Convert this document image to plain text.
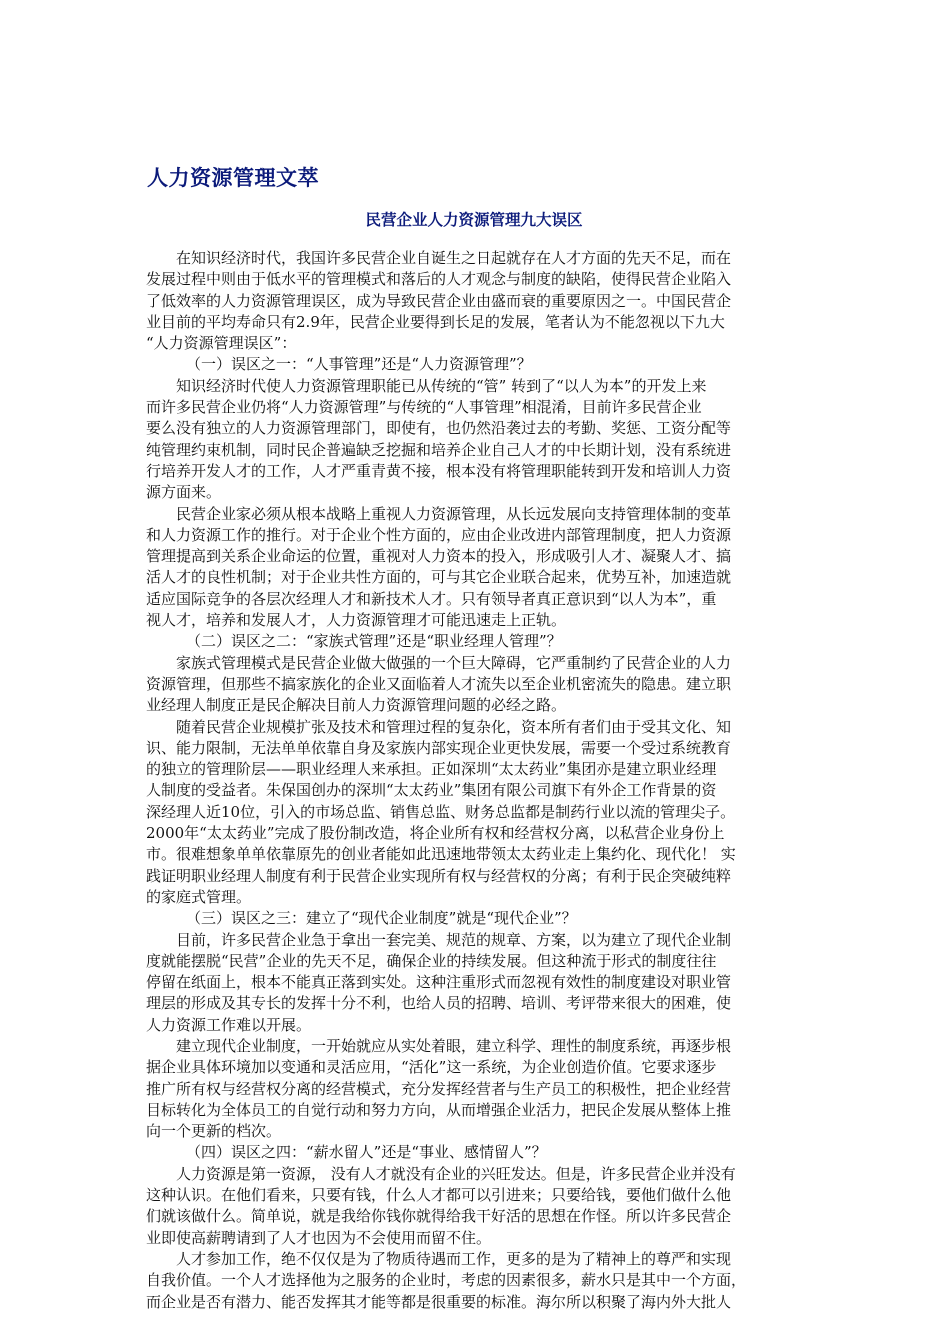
人力资源管理文萃
民营企业人力资源管理九大误区
在知识经济时代，我国许多民营企业自诞生之日起就存在人才方面的先天不足，而在
发展过程中则由于低水平的管理模式和落后的人才观念与制度的缺陷，使得民营企业陷入
了低效率的人力资源管理误区，成为导致民营企业由盛而衰的重要原因之一。中国民营企
业目前的平均寿命只有2.9年，民营企业要得到长足的发展，笔者认为不能忽视以下九大
“人力资源管理误区”：
（一）误区之一：“人事管理”还是“人力资源管理”？
知识经济时代使人力资源管理职能已从传统的“管” 转到了“以人为本”的开发上来
而许多民营企业仍将“人力资源管理”与传统的“人事管理”相混淆，目前许多民营企业
要么没有独立的人力资源管理部门，即使有，也仍然沿袭过去的考勤、奖惩、工资分配等
纯管理约束机制，同时民企普遍缺乏挖掘和培养企业自己人才的中长期计划，没有系统进
行培养开发人才的工作，人才严重青黄不接，根本没有将管理职能转到开发和培训人力资
源方面来。
民营企业家必须从根本战略上重视人力资源管理，从长远发展向支持管理体制的变革
和人力资源工作的推行。对于企业个性方面的，应由企业改进内部管理制度，把人力资源
管理提高到关系企业命运的位置，重视对人力资本的投入，形成吸引人才、凝聚人才、搞
活人才的良性机制；对于企业共性方面的，可与其它企业联合起来，优势互补，加速造就
适应国际竞争的各层次经理人才和新技术人才。只有领导者真正意识到“以人为本”，重
视人才，培养和发展人才，人力资源管理才可能迅速走上正轨。
（二）误区之二：“家族式管理”还是“职业经理人管理”？
家族式管理模式是民营企业做大做强的一个巨大障碍，它严重制约了民营企业的人力
资源管理，但那些不搞家族化的企业又面临着人才流失以至企业机密流失的隐患。建立职
业经理人制度正是民企解决目前人力资源管理问题的必经之路。
随着民营企业规模扩张及技术和管理过程的复杂化，资本所有者们由于受其文化、知
识、能力限制，无法单单依靠自身及家族内部实现企业更快发展，需要一个受过系统教育
的独立的管理阶层——职业经理人来承担。正如深圳“太太药业”集团亦是建立职业经理
人制度的受益者。朱保国创办的深圳“太太药业”集团有限公司旗下有外企工作背景的资
深经理人近10位，引入的市场总监、销售总监、财务总监都是制药行业以流的管理尖子。
2000年“太太药业”完成了股份制改造，将企业所有权和经营权分离，以私营企业身份上
市。很难想象单单依靠原先的创业者能如此迅速地带领太太药业走上集约化、现代化！ 实
践证明职业经理人制度有利于民营企业实现所有权与经营权的分离；有利于民企突破纯粹
的家庭式管理。
（三）误区之三：建立了“现代企业制度”就是“现代企业”？
目前，许多民营企业急于拿出一套完美、规范的规章、方案，以为建立了现代企业制
度就能摆脱“民营”企业的先天不足，确保企业的持续发展。但这种流于形式的制度往往
停留在纸面上，根本不能真正落到实处。这种注重形式而忽视有效性的制度建设对职业管
理层的形成及其专长的发挥十分不利，也给人员的招聘、培训、考评带来很大的困难，使
人力资源工作难以开展。
建立现代企业制度，一开始就应从实处着眼，建立科学、理性的制度系统，再逐步根
据企业具体环境加以变通和灵活应用，“活化”这一系统，为企业创造价值。它要求逐步
推广所有权与经营权分离的经营模式，充分发挥经营者与生产员工的积极性，把企业经营
目标转化为全体员工的自觉行动和努力方向，从而增强企业活力，把民企发展从整体上推
向一个更新的档次。
（四）误区之四：“薪水留人”还是“事业、感情留人”？
人力资源是第一资源， 没有人才就没有企业的兴旺发达。但是，许多民营企业并没有
这种认识。在他们看来，只要有钱，什么人才都可以引进来；只要给钱，要他们做什么他
们就该做什么。简单说，就是我给你钱你就得给我干好活的思想在作怪。所以许多民营企
业即使高薪聘请到了人才也因为不会使用而留不住。
人才参加工作，绝不仅仅是为了物质待遇而工作，更多的是为了精神上的尊严和实现
自我价值。一个人才选择他为之服务的企业时，考虑的因素很多，薪水只是其中一个方面，
而企业是否有潜力、能否发挥其才能等都是很重要的标准。海尔所以积聚了海内外大批人
